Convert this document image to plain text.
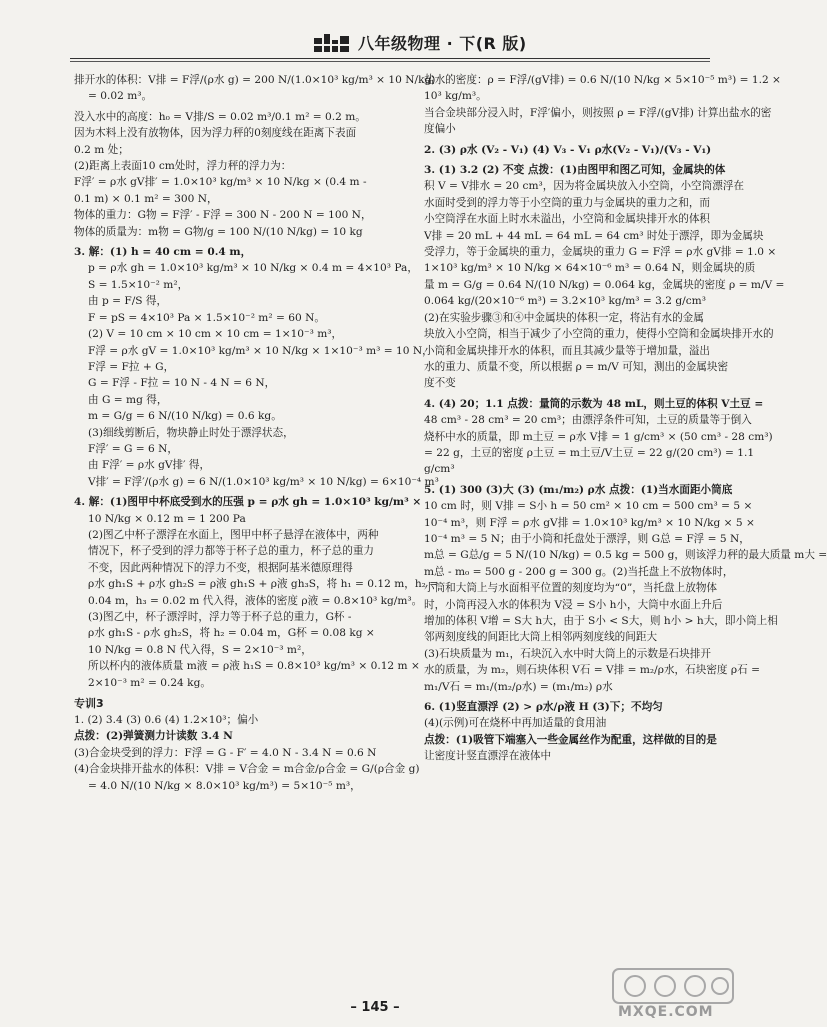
八年级物理 · 下(R 版)
排开水的体积：V排 = F浮/(ρ水 g) = 200 N/(1.0×10³ kg/m³ × 10 N/kg)
= 0.02 m³。
没入水中的高度：h₀ = V排/S = 0.02 m³/0.1 m² = 0.2 m。
因为木料上没有放物体，因为浮力秤的0刻度线在距离下表面
0.2 m 处；
(2)距离上表面10 cm处时，浮力秤的浮力为：
F浮′ = ρ水 gV排′ = 1.0×10³ kg/m³ × 10 N/kg × (0.4 m -
0.1 m) × 0.1 m² = 300 N，
物体的重力：G物 = F浮′ - F浮 = 300 N - 200 N = 100 N，
物体的质量为：m物 = G物/g = 100 N/(10 N/kg) = 10 kg
3. 解：(1) h = 40 cm = 0.4 m，
p = ρ水 gh = 1.0×10³ kg/m³ × 10 N/kg × 0.4 m = 4×10³ Pa，
S = 1.5×10⁻² m²，
由 p = F/S 得，
F = pS = 4×10³ Pa × 1.5×10⁻² m² = 60 N。
(2) V = 10 cm × 10 cm × 10 cm = 1×10⁻³ m³，
F浮 = ρ水 gV = 1.0×10³ kg/m³ × 10 N/kg × 1×10⁻³ m³ = 10 N，
F浮 = F拉 + G，
G = F浮 - F拉 = 10 N - 4 N = 6 N，
由 G = mg 得，
m = G/g = 6 N/(10 N/kg) = 0.6 kg。
(3)细线剪断后，物块静止时处于漂浮状态，
F浮′ = G = 6 N，
由 F浮′ = ρ水 gV排′ 得，
V排′ = F浮′/(ρ水 g) = 6 N/(1.0×10³ kg/m³ × 10 N/kg) = 6×10⁻⁴ m³
4. 解：(1)图甲中杯底受到水的压强 p = ρ水 gh = 1.0×10³ kg/m³ ×
10 N/kg × 0.12 m = 1 200 Pa
(2)图乙中杯子漂浮在水面上，图甲中杯子悬浮在液体中，两种
情况下，杯子受到的浮力都等于杯子总的重力，杯子总的重力
不变，因此两种情况下的浮力不变，根据阿基米德原理得
ρ水 gh₁S + ρ水 gh₂S = ρ液 gh₁S + ρ液 gh₃S，将 h₁ = 0.12 m，h₂ =
0.04 m，h₃ = 0.02 m 代入得，液体的密度 ρ液 = 0.8×10³ kg/m³。
(3)图乙中，杯子漂浮时，浮力等于杯子总的重力，G杯 -
ρ水 gh₁S - ρ水 gh₂S，将 h₂ = 0.04 m，G杯 = 0.08 kg ×
10 N/kg = 0.8 N 代入得，S = 2×10⁻³ m²，
所以杯内的液体质量 m液 = ρ液 h₁S = 0.8×10³ kg/m³ × 0.12 m ×
2×10⁻³ m² = 0.24 kg。
专训3
1. (2) 3.4 (3) 0.6 (4) 1.2×10³；偏小
点拨：(2)弹簧测力计读数 3.4 N
(3)合金块受到的浮力：F浮 = G - F′ = 4.0 N - 3.4 N = 0.6 N
(4)合金块排开盐水的体积：V排 = V合金 = m合金/ρ合金 = G/(ρ合金 g)
= 4.0 N/(10 N/kg × 8.0×10³ kg/m³) = 5×10⁻⁵ m³，
盐水的密度：ρ = F浮/(gV排) = 0.6 N/(10 N/kg × 5×10⁻⁵ m³) = 1.2 ×
10³ kg/m³。
当合金块部分浸入时，F浮′偏小，则按照 ρ = F浮/(gV排) 计算出盐水的密
度偏小
2. (3) ρ水 (V₂ - V₁) (4) V₃ - V₁ ρ水(V₂ - V₁)/(V₃ - V₁)
3. (1) 3.2 (2) 不变 点拨：(1)由图甲和图乙可知，金属块的体
积 V = V排水 = 20 cm³，因为将金属块放入小空筒，小空筒漂浮在
水面时受到的浮力等于小空筒的重力与金属块的重力之和，而
小空筒浮在水面上时水未溢出，小空筒和金属块排开水的体积
V排 = 20 mL + 44 mL = 64 mL = 64 cm³ 时处于漂浮，即为金属块
受浮力，等于金属块的重力，金属块的重力 G = F浮 = ρ水 gV排 = 1.0 ×
1×10³ kg/m³ × 10 N/kg × 64×10⁻⁶ m³ = 0.64 N，则金属块的质
量 m = G/g = 0.64 N/(10 N/kg) = 0.064 kg，金属块的密度 ρ = m/V =
0.064 kg/(20×10⁻⁶ m³) = 3.2×10³ kg/m³ = 3.2 g/cm³
(2)在实验步骤③和④中金属块的体积一定，将沾有水的金属
块放入小空筒，相当于减少了小空筒的重力，使得小空筒和金属块排开水的
小筒和金属块排开水的体积，而且其减少量等于增加量，溢出
水的重力、质量不变，所以根据 ρ = m/V 可知，测出的金属块密
度不变
4. (4) 20；1.1 点拨：量筒的示数为 48 mL，则土豆的体积 V土豆 =
48 cm³ - 28 cm³ = 20 cm³；由漂浮条件可知，土豆的质量等于倒入
烧杯中水的质量，即 m土豆 = ρ水 V排 = 1 g/cm³ × (50 cm³ - 28 cm³)
= 22 g，土豆的密度 ρ土豆 = m土豆/V土豆 = 22 g/(20 cm³) = 1.1
g/cm³
5. (1) 300 (3)大 (3) (m₁/m₂) ρ水 点拨：(1)当水面距小筒底
10 cm 时，则 V排 = S小 h = 50 cm² × 10 cm = 500 cm³ = 5 ×
10⁻⁴ m³，则 F浮 = ρ水 gV排 = 1.0×10³ kg/m³ × 10 N/kg × 5 ×
10⁻⁴ m³ = 5 N；由于小筒和托盘处于漂浮，则 G总 = F浮 = 5 N，
m总 = G总/g = 5 N/(10 N/kg) = 0.5 kg = 500 g，则该浮力秤的最大质量 m大 =
m总 - m₀ = 500 g - 200 g = 300 g。(2)当托盘上不放物体时，
小筒和大筒上与水面相平位置的刻度均为“0”，当托盘上放物体
时，小筒再浸入水的体积为 V浸 = S小 h小，大筒中水面上升后
增加的体积 V增 = S大 h大，由于 S小 < S大，则 h小 > h大，即小筒上相
邻两刻度线的间距比大筒上相邻两刻度线的间距大
(3)石块质量为 m₁，石块沉入水中时大筒上的示数是石块排开
水的质量，为 m₂，则石块体积 V石 = V排 = m₂/ρ水，石块密度 ρ石 =
m₁/V石 = m₁/(m₂/ρ水) = (m₁/m₂) ρ水
6. (1)竖直漂浮 (2) > ρ水/ρ液 H (3)下；不均匀
(4)(示例)可在烧杯中再加适量的食用油
点拨：(1)吸管下端塞入一些金属丝作为配重，这样做的目的是
让密度计竖直漂浮在液体中
– 145 –	MXQE.COM
